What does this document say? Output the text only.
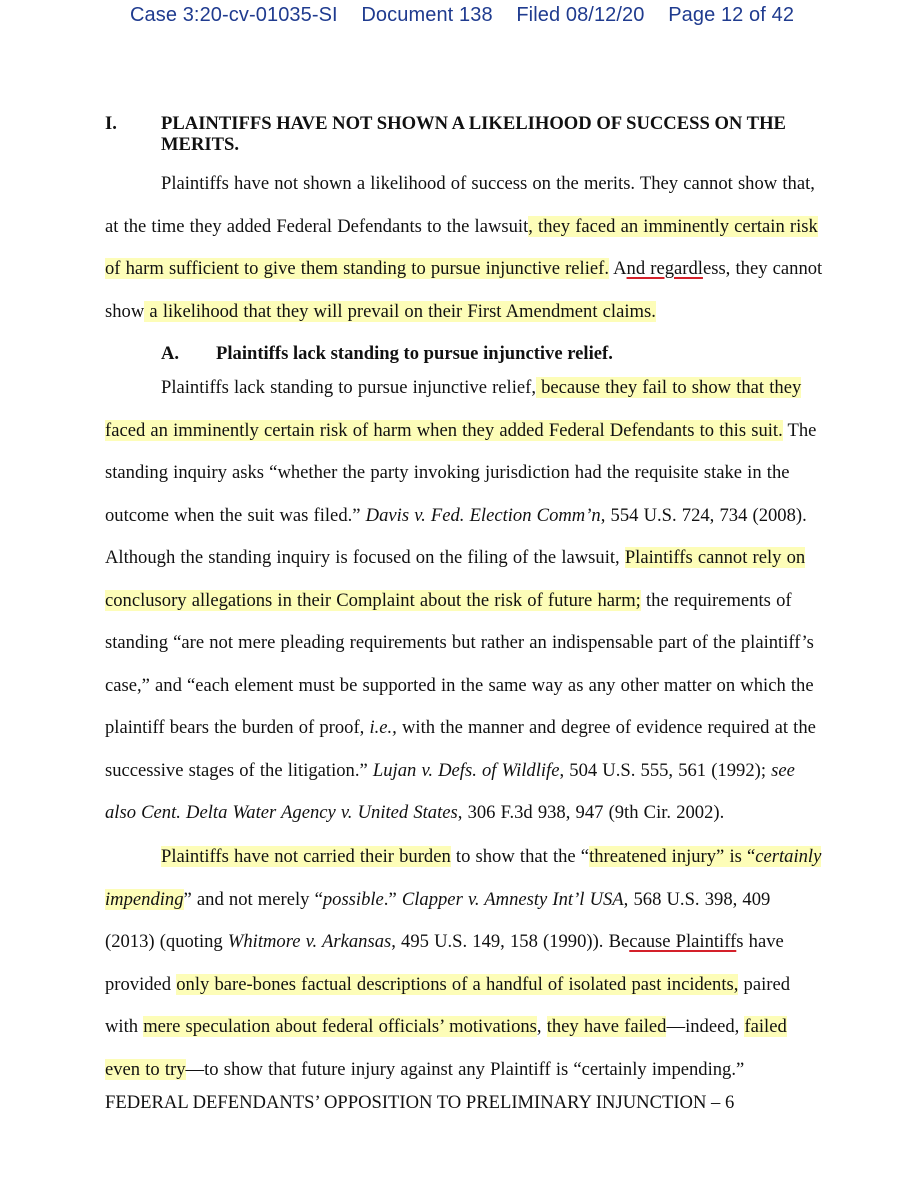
Case 3:20-cv-01035-SI Document 138 Filed 08/12/20 Page 12 of 42
I. PLAINTIFFS HAVE NOT SHOWN A LIKELIHOOD OF SUCCESS ON THE MERITS.

Plaintiffs have not shown a likelihood of success on the merits. They cannot show that, at the time they added Federal Defendants to the lawsuit, they faced an imminently certain risk of harm sufficient to give them standing to pursue injunctive relief. And regardless, they cannot show a likelihood that they will prevail on their First Amendment claims.

A. Plaintiffs lack standing to pursue injunctive relief.

Plaintiffs lack standing to pursue injunctive relief, because they fail to show that they faced an imminently certain risk of harm when they added Federal Defendants to this suit. The standing inquiry asks “whether the party invoking jurisdiction had the requisite stake in the outcome when the suit was filed.” Davis v. Fed. Election Comm’n, 554 U.S. 724, 734 (2008). Although the standing inquiry is focused on the filing of the lawsuit, Plaintiffs cannot rely on conclusory allegations in their Complaint about the risk of future harm; the requirements of standing “are not mere pleading requirements but rather an indispensable part of the plaintiff’s case,” and “each element must be supported in the same way as any other matter on which the plaintiff bears the burden of proof, i.e., with the manner and degree of evidence required at the successive stages of the litigation.” Lujan v. Defs. of Wildlife, 504 U.S. 555, 561 (1992); see also Cent. Delta Water Agency v. United States, 306 F.3d 938, 947 (9th Cir. 2002).

Plaintiffs have not carried their burden to show that the “threatened injury” is “certainly impending” and not merely “possible.” Clapper v. Amnesty Int’l USA, 568 U.S. 398, 409 (2013) (quoting Whitmore v. Arkansas, 495 U.S. 149, 158 (1990)). Because Plaintiffs have provided only bare-bones factual descriptions of a handful of isolated past incidents, paired with mere speculation about federal officials’ motivations, they have failed—indeed, failed even to try—to show that future injury against any Plaintiff is “certainly impending.”

FEDERAL DEFENDANTS’ OPPOSITION TO PRELIMINARY INJUNCTION – 6
